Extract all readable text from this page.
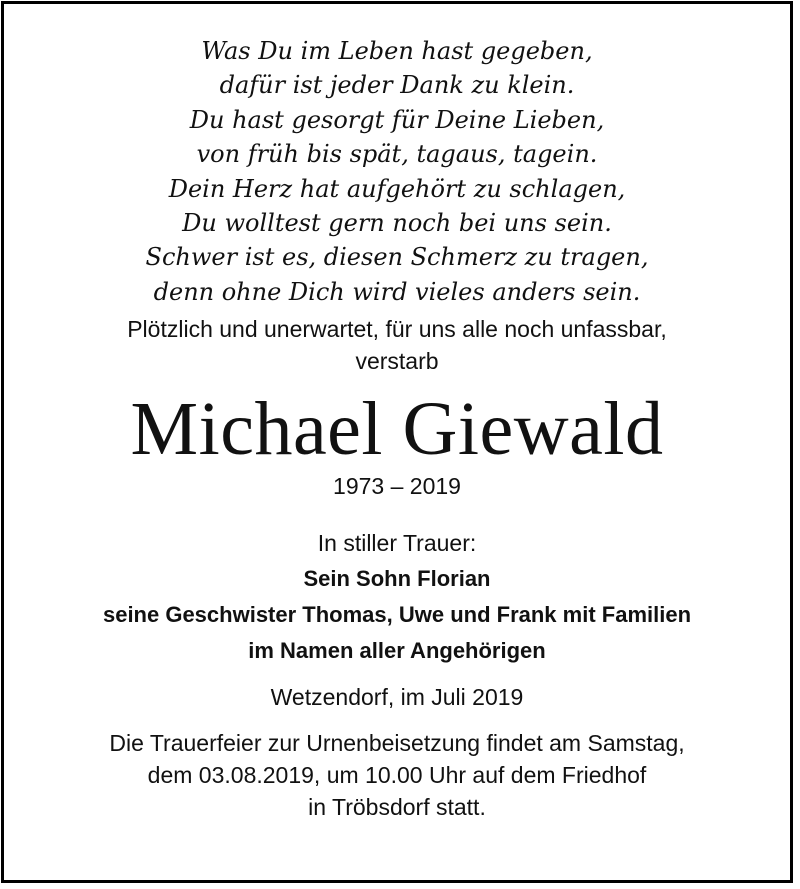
Was Du im Leben hast gegeben,
dafür ist jeder Dank zu klein.
Du hast gesorgt für Deine Lieben,
von früh bis spät, tagaus, tagein.
Dein Herz hat aufgehört zu schlagen,
Du wolltest gern noch bei uns sein.
Schwer ist es, diesen Schmerz zu tragen,
denn ohne Dich wird vieles anders sein.
Plötzlich und unerwartet, für uns alle noch unfassbar,
verstarb
Michael Giewald
1973 – 2019
In stiller Trauer:
Sein Sohn Florian
seine Geschwister Thomas, Uwe und Frank mit Familien
im Namen aller Angehörigen
Wetzendorf, im Juli 2019
Die Trauerfeier zur Urnenbeisetzung findet am Samstag,
dem 03.08.2019, um 10.00 Uhr auf dem Friedhof
in Tröbsdorf statt.
